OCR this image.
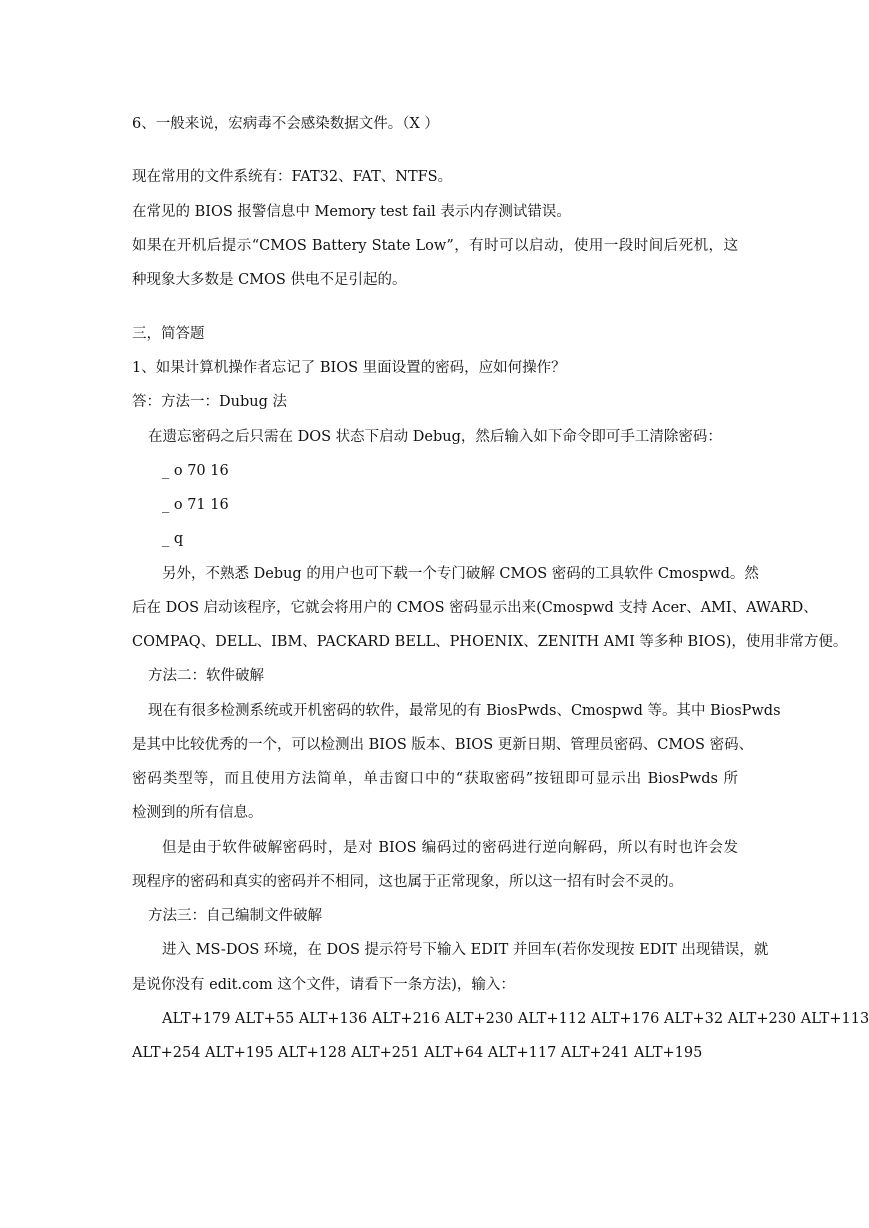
6、一般来说，宏病毒不会感染数据文件。（X ）
现在常用的文件系统有：FAT32、FAT、NTFS。
在常见的 BIOS 报警信息中 Memory test fail 表示内存测试错误。
如果在开机后提示“CMOS Battery State Low”，有时可以启动，使用一段时间后死机，这
种现象大多数是 CMOS 供电不足引起的。
三，简答题
1、如果计算机操作者忘记了 BIOS 里面设置的密码，应如何操作？
答：方法一：Dubug 法
在遗忘密码之后只需在 DOS 状态下启动 Debug，然后输入如下命令即可手工清除密码：
_ o 70 16
_ o 71 16
_ q
另外，不熟悉 Debug 的用户也可下载一个专门破解 CMOS 密码的工具软件 Cmospwd。然
后在 DOS 启动该程序，它就会将用户的 CMOS 密码显示出来(Cmospwd 支持 Acer、AMI、AWARD、
COMPAQ、DELL、IBM、PACKARD BELL、PHOENIX、ZENITH AMI 等多种 BIOS)，使用非常方便。
方法二：软件破解
现在有很多检测系统或开机密码的软件，最常见的有 BiosPwds、Cmospwd 等。其中 BiosPwds
是其中比较优秀的一个，可以检测出 BIOS 版本、BIOS 更新日期、管理员密码、CMOS 密码、
密码类型等，而且使用方法简单，单击窗口中的“获取密码”按钮即可显示出 BiosPwds 所
检测到的所有信息。
但是由于软件破解密码时，是对 BIOS 编码过的密码进行逆向解码，所以有时也许会发
现程序的密码和真实的密码并不相同，这也属于正常现象，所以这一招有时会不灵的。
方法三：自己编制文件破解
进入 MS-DOS 环境，在 DOS 提示符号下输入 EDIT 并回车(若你发现按 EDIT 出现错误，就
是说你没有 edit.com 这个文件，请看下一条方法)，输入：
ALT+179 ALT+55 ALT+136 ALT+216 ALT+230 ALT+112 ALT+176 ALT+32 ALT+230 ALT+113
ALT+254 ALT+195 ALT+128 ALT+251 ALT+64 ALT+117 ALT+241 ALT+195
